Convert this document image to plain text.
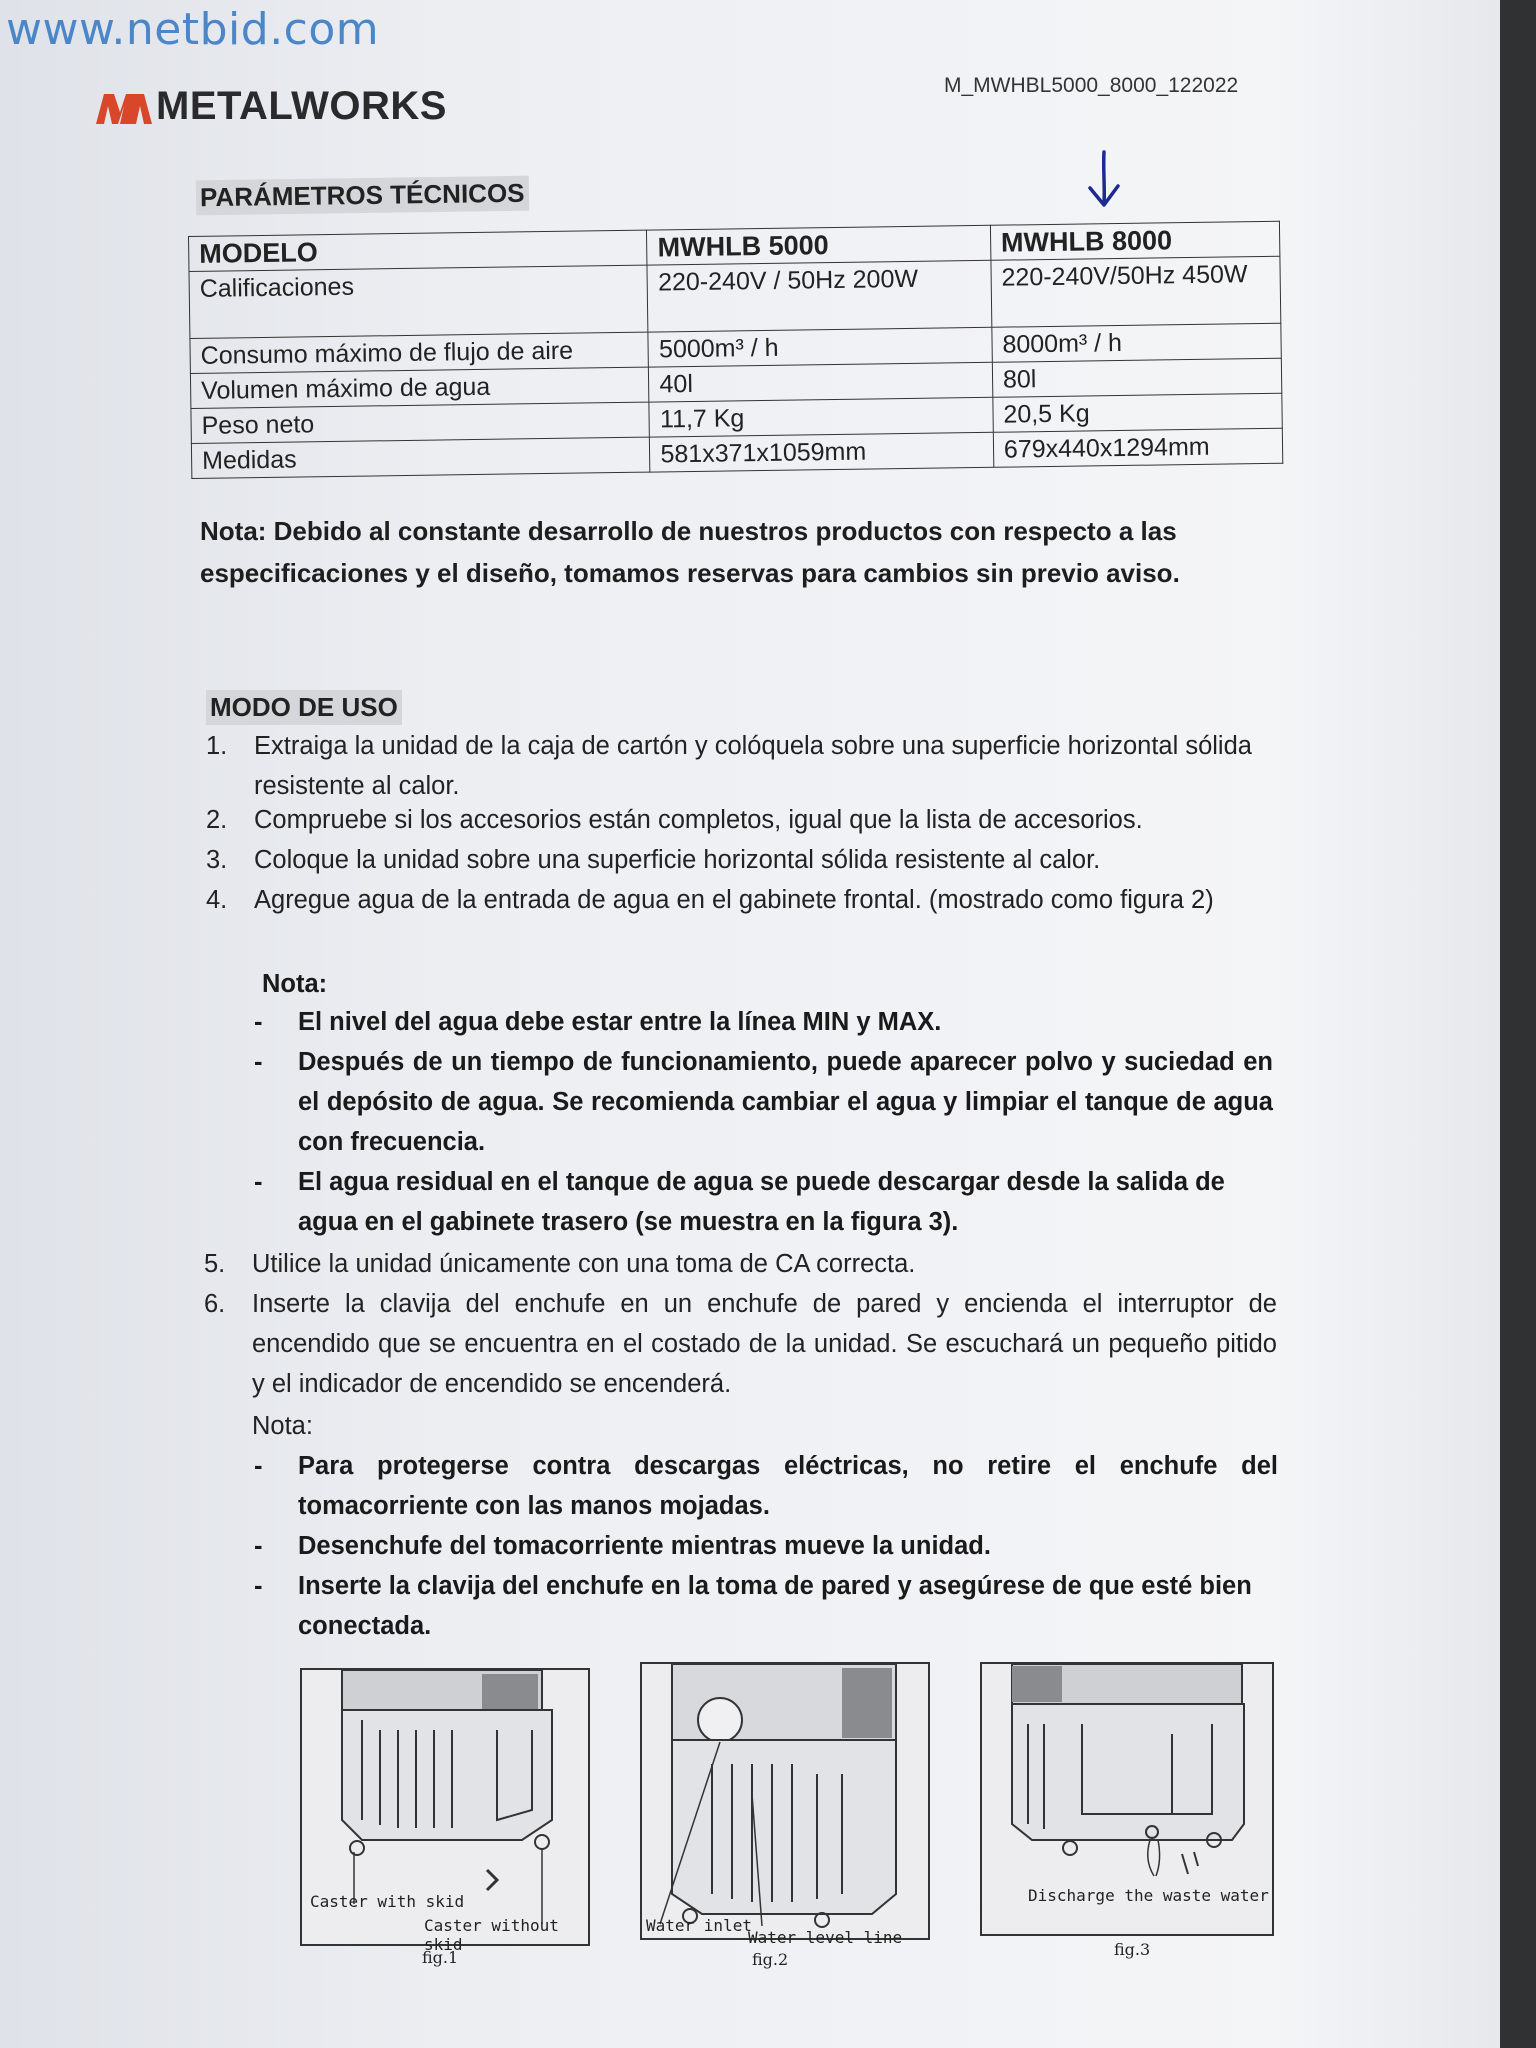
www.netbid.com
METALWORKS	M_MWHBL5000_8000_122022
PARÁMETROS TÉCNICOS
MODELO	MWHLB 5000	MWHLB 8000
Calificaciones	220-240V / 50Hz 200W	220-240V/50Hz 450W
Consumo máximo de flujo de aire	5000m³ / h	8000m³ / h
Volumen máximo de agua	40l	80l
Peso neto	11,7 Kg	20,5 Kg
Medidas	581x371x1059mm	679x440x1294mm
Nota: Debido al constante desarrollo de nuestros productos con respecto a las especificaciones y el diseño, tomamos reservas para cambios sin previo aviso.
MODO DE USO
1. Extraiga la unidad de la caja de cartón y colóquela sobre una superficie horizontal sólida resistente al calor.
2. Compruebe si los accesorios están completos, igual que la lista de accesorios.
3. Coloque la unidad sobre una superficie horizontal sólida resistente al calor.
4. Agregue agua de la entrada de agua en el gabinete frontal. (mostrado como figura 2)
Nota:
- El nivel del agua debe estar entre la línea MIN y MAX.
- Después de un tiempo de funcionamiento, puede aparecer polvo y suciedad en el depósito de agua. Se recomienda cambiar el agua y limpiar el tanque de agua con frecuencia.
- El agua residual en el tanque de agua se puede descargar desde la salida de agua en el gabinete trasero (se muestra en la figura 3).
5. Utilice la unidad únicamente con una toma de CA correcta.
6. Inserte la clavija del enchufe en un enchufe de pared y encienda el interruptor de encendido que se encuentra en el costado de la unidad. Se escuchará un pequeño pitido y el indicador de encendido se encenderá.
Nota:
- Para protegerse contra descargas eléctricas, no retire el enchufe del tomacorriente con las manos mojadas.
- Desenchufe del tomacorriente mientras mueve la unidad.
- Inserte la clavija del enchufe en la toma de pared y asegúrese de que esté bien conectada.
Caster with skid
Caster without skid
fig.1
Water inlet
Water level line
fig.2
Discharge the waste water
fig.3
